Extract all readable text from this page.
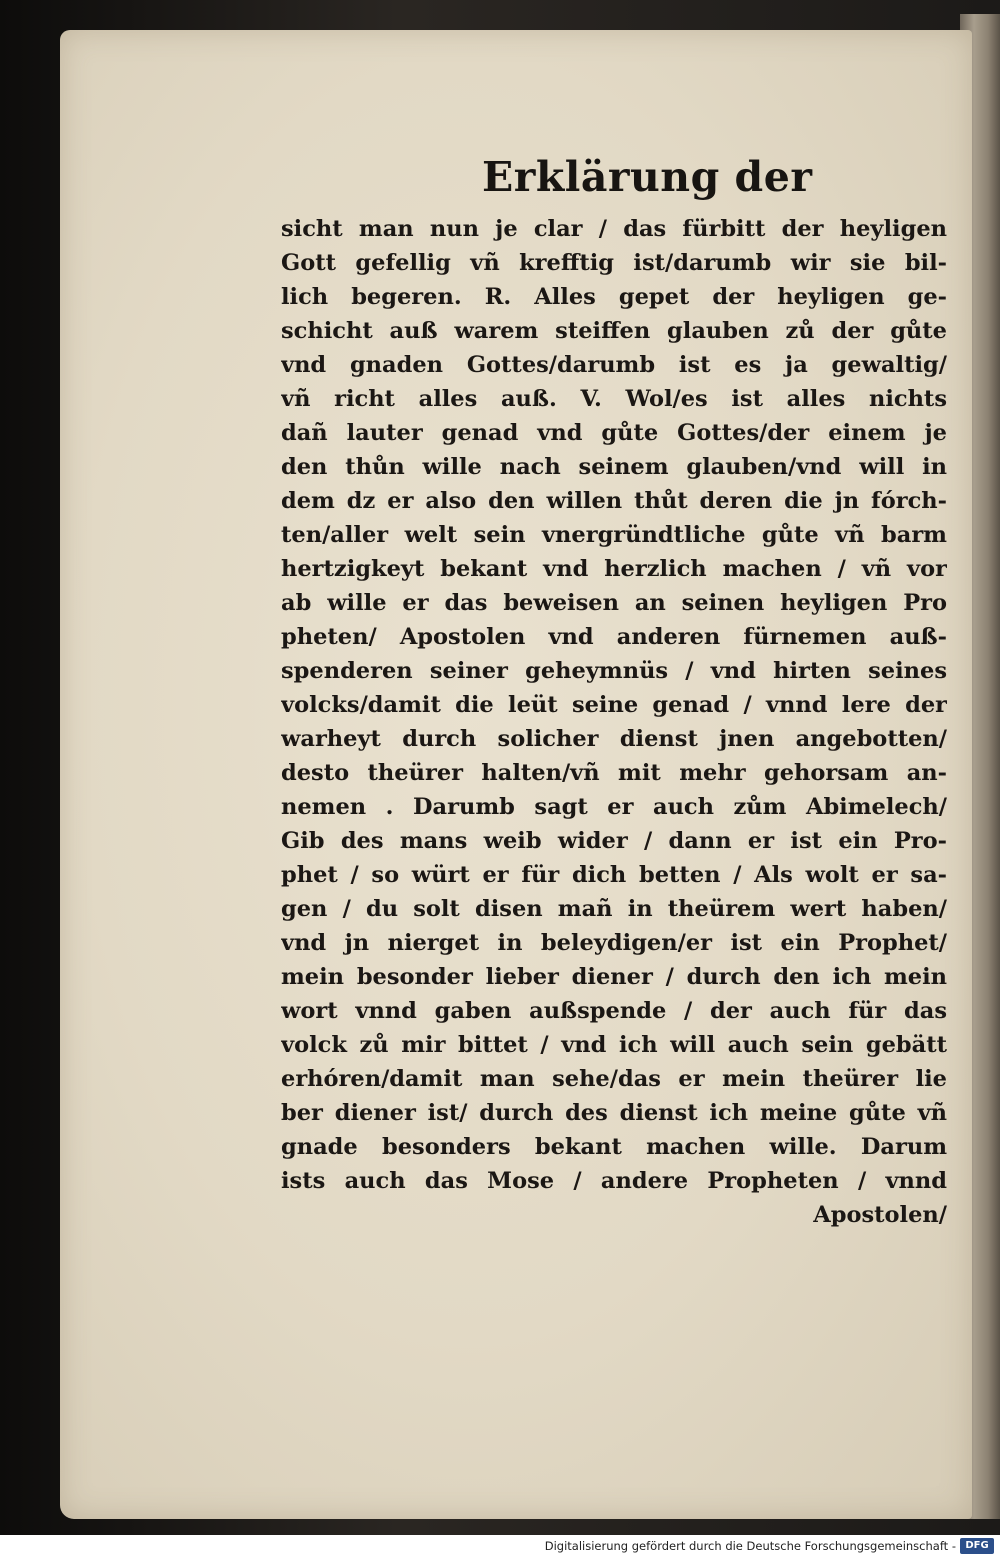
Erklärung der
sicht man nun je clar / das fürbitt der heyligen
Gott gefellig vñ krefftig ist/darumb wir sie bil-
lich begeren. R. Alles gepet der heyligen ge-
schicht auß warem steiffen glauben zů der gůte
vnd gnaden Gottes/darumb ist es ja gewaltig/
vñ richt alles auß. V. Wol/es ist alles nichts
dañ lauter genad vnd gůte Gottes/der einem je
den thůn wille nach seinem glauben/vnd will in
dem dz er also den willen thůt deren die jn fórch-
ten/aller welt sein vnergründtliche gůte vñ barm
hertzigkeyt bekant vnd herzlich machen / vñ vor
ab wille er das beweisen an seinen heyligen Pro
pheten/ Apostolen vnd anderen fürnemen auß-
spenderen seiner geheymnüs / vnd hirten seines
volcks/damit die leüt seine genad / vnnd lere der
warheyt durch solicher dienst jnen angebotten/
desto theürer halten/vñ mit mehr gehorsam an-
nemen . Darumb sagt er auch zům Abimelech/
Gib des mans weib wider / dann er ist ein Pro-
phet / so würt er für dich betten / Als wolt er sa-
gen / du solt disen mañ in theürem wert haben/
vnd jn nierget in beleydigen/er ist ein Prophet/
mein besonder lieber diener / durch den ich mein
wort vnnd gaben außspende / der auch für das
volck zů mir bittet / vnd ich will auch sein gebätt
erhóren/damit man sehe/das er mein theürer lie
ber diener ist/ durch des dienst ich meine gůte vñ
gnade besonders bekant machen wille. Darum
ists auch das Mose / andere Propheten / vnnd
Apostolen/
Digitalisierung gefördert durch die Deutsche Forschungsgemeinschaft - DFG
